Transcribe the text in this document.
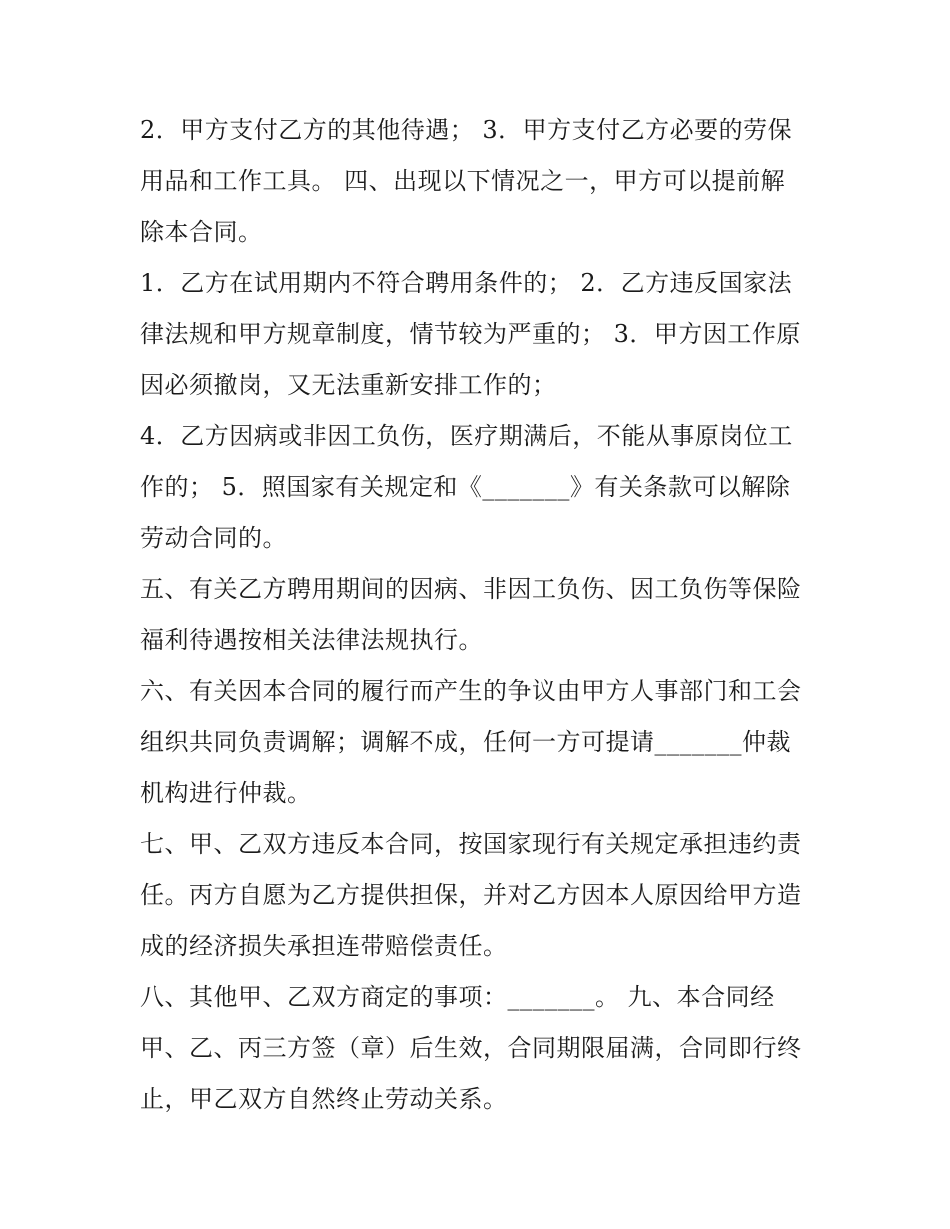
2．甲方支付乙方的其他待遇； 3．甲方支付乙方必要的劳保
用品和工作工具。 四、出现以下情况之一，甲方可以提前解
除本合同。
1．乙方在试用期内不符合聘用条件的； 2．乙方违反国家法
律法规和甲方规章制度，情节较为严重的； 3．甲方因工作原
因必须撤岗，又无法重新安排工作的；
4．乙方因病或非因工负伤，医疗期满后，不能从事原岗位工
作的； 5．照国家有关规定和《_______》有关条款可以解除
劳动合同的。
五、有关乙方聘用期间的因病、非因工负伤、因工负伤等保险
福利待遇按相关法律法规执行。
六、有关因本合同的履行而产生的争议由甲方人事部门和工会
组织共同负责调解；调解不成，任何一方可提请_______仲裁
机构进行仲裁。
七、甲、乙双方违反本合同，按国家现行有关规定承担违约责
任。丙方自愿为乙方提供担保，并对乙方因本人原因给甲方造
成的经济损失承担连带赔偿责任。
八、其他甲、乙双方商定的事项：_______。 九、本合同经
甲、乙、丙三方签（章）后生效，合同期限届满，合同即行终
止，甲乙双方自然终止劳动关系。
